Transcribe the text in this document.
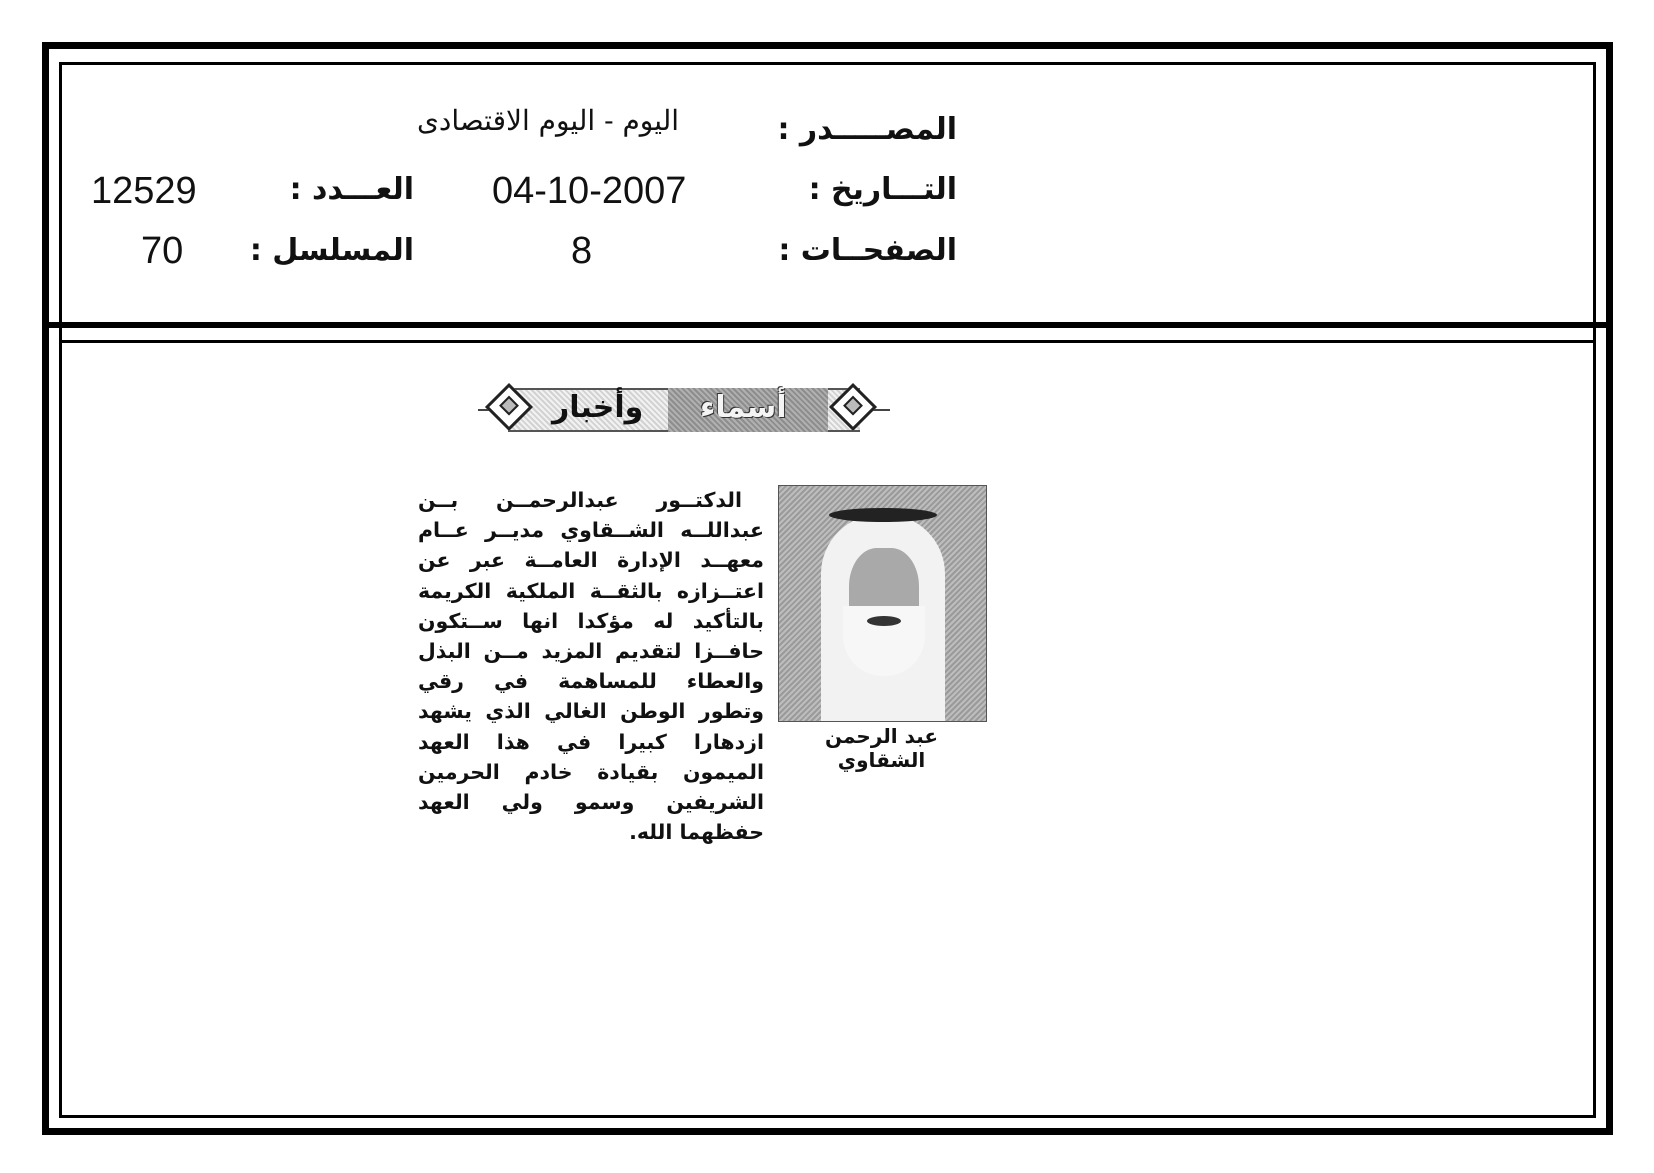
المصـــــدر :
اليوم - اليوم الاقتصادى
التـــاريخ :
04-10-2007
العـــدد :
12529
الصفحــات :
8
المسلسل :
70
أسماء
وأخبار
عبد الرحمن الشقاوي

الدكتــور عبدالرحمــن بــن عبداللــه الشــقاوي مديــر عــام معهــد الإدارة العامــة عبر عن اعتــزازه بالثقــة الملكية الكريمة بالتأكيد له مؤكدا انها ســتكون حافــزا لتقديم المزيد مــن البذل والعطاء للمساهمة في رقي وتطور الوطن الغالي الذي يشهد ازدهارا كبيرا في هذا العهد الميمون بقيادة خادم الحرمين الشريفين وسمو ولي العهد حفظهما الله.
